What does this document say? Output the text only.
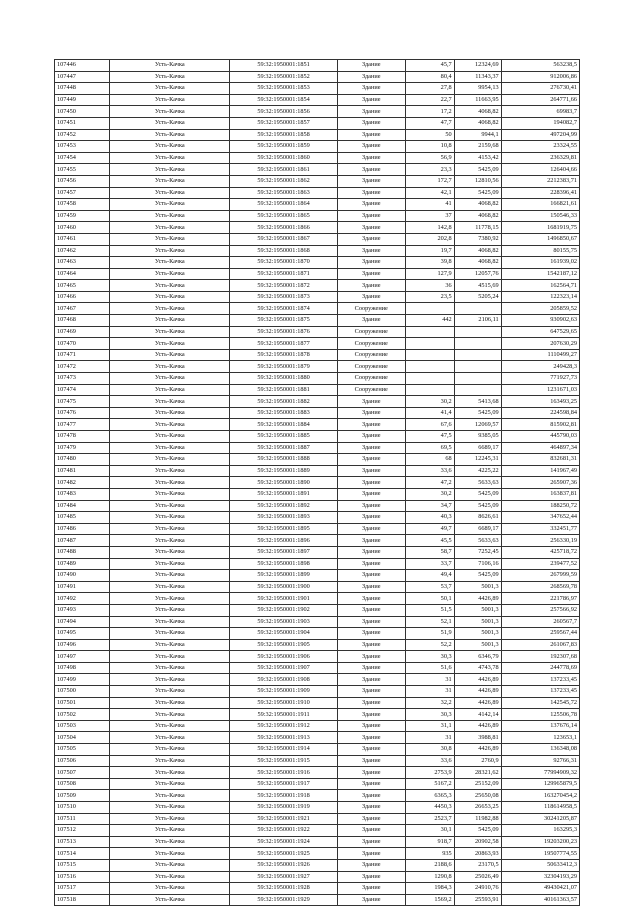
107446	Усть-Качка	59:32:1950001:1851	Здание	45,7	12324,69	563238,5
107447	Усть-Качка	59:32:1950001:1852	Здание	80,4	11343,37	912006,86
107448	Усть-Качка	59:32:1950001:1853	Здание	27,8	9954,13	276730,41
107449	Усть-Качка	59:32:1950001:1854	Здание	22,7	11663,95	264771,66
107450	Усть-Качка	59:32:1950001:1856	Здание	17,2	4068,82	69983,7
107451	Усть-Качка	59:32:1950001:1857	Здание	47,7	4068,82	194082,7
107452	Усть-Качка	59:32:1950001:1858	Здание	50	9944,1	497204,99
107453	Усть-Качка	59:32:1950001:1859	Здание	10,8	2159,68	23324,55
107454	Усть-Качка	59:32:1950001:1860	Здание	56,9	4153,42	236329,81
107455	Усть-Качка	59:32:1950001:1861	Здание	23,3	5425,09	126404,66
107456	Усть-Качка	59:32:1950001:1862	Здание	172,7	12810,56	2212383,71
107457	Усть-Качка	59:32:1950001:1863	Здание	42,1	5425,09	228396,41
107458	Усть-Качка	59:32:1950001:1864	Здание	41	4068,82	166821,61
107459	Усть-Качка	59:32:1950001:1865	Здание	37	4068,82	150546,33
107460	Усть-Качка	59:32:1950001:1866	Здание	142,8	11778,15	1681919,75
107461	Усть-Качка	59:32:1950001:1867	Здание	202,8	7380,92	1496850,67
107462	Усть-Качка	59:32:1950001:1868	Здание	19,7	4068,82	80155,75
107463	Усть-Качка	59:32:1950001:1870	Здание	39,8	4068,82	161939,02
107464	Усть-Качка	59:32:1950001:1871	Здание	127,9	12057,76	1542187,12
107465	Усть-Качка	59:32:1950001:1872	Здание	36	4515,69	162564,71
107466	Усть-Качка	59:32:1950001:1873	Здание	23,5	5205,24	122323,14
107467	Усть-Качка	59:32:1950001:1874	Сооружение			205859,52
107468	Усть-Качка	59:32:1950001:1875	Здание	442	2106,11	930902,63
107469	Усть-Качка	59:32:1950001:1876	Сооружение			647529,65
107470	Усть-Качка	59:32:1950001:1877	Сооружение			207630,29
107471	Усть-Качка	59:32:1950001:1878	Сооружение			1110499,27
107472	Усть-Качка	59:32:1950001:1879	Сооружение			249428,3
107473	Усть-Качка	59:32:1950001:1880	Сооружение			771927,73
107474	Усть-Качка	59:32:1950001:1881	Сооружение			1231671,03
107475	Усть-Качка	59:32:1950001:1882	Здание	30,2	5413,68	163493,25
107476	Усть-Качка	59:32:1950001:1883	Здание	41,4	5425,09	224598,84
107477	Усть-Качка	59:32:1950001:1884	Здание	67,6	12069,57	815902,81
107478	Усть-Качка	59:32:1950001:1885	Здание	47,5	9385,05	445790,03
107479	Усть-Качка	59:32:1950001:1887	Здание	69,5	6689,17	464897,34
107480	Усть-Качка	59:32:1950001:1888	Здание	68	12245,31	832681,31
107481	Усть-Качка	59:32:1950001:1889	Здание	33,6	4225,22	141967,49
107482	Усть-Качка	59:32:1950001:1890	Здание	47,2	5633,63	265907,36
107483	Усть-Качка	59:32:1950001:1891	Здание	30,2	5425,09	163837,81
107484	Усть-Качка	59:32:1950001:1892	Здание	34,7	5425,09	188250,72
107485	Усть-Качка	59:32:1950001:1893	Здание	40,3	8626,61	347652,44
107486	Усть-Качка	59:32:1950001:1895	Здание	49,7	6689,17	332451,77
107487	Усть-Качка	59:32:1950001:1896	Здание	45,5	5633,63	256330,19
107488	Усть-Качка	59:32:1950001:1897	Здание	58,7	7252,45	425718,72
107489	Усть-Качка	59:32:1950001:1898	Здание	33,7	7106,16	239477,52
107490	Усть-Качка	59:32:1950001:1899	Здание	49,4	5425,09	267999,59
107491	Усть-Качка	59:32:1950001:1900	Здание	53,7	5001,3	268569,78
107492	Усть-Качка	59:32:1950001:1901	Здание	50,1	4426,89	221786,97
107493	Усть-Качка	59:32:1950001:1902	Здание	51,5	5001,3	257566,92
107494	Усть-Качка	59:32:1950001:1903	Здание	52,1	5001,3	260567,7
107495	Усть-Качка	59:32:1950001:1904	Здание	51,9	5001,3	259567,44
107496	Усть-Качка	59:32:1950001:1905	Здание	52,2	5001,3	261067,83
107497	Усть-Качка	59:32:1950001:1906	Здание	30,3	6346,79	192307,68
107498	Усть-Качка	59:32:1950001:1907	Здание	51,6	4743,78	244778,69
107499	Усть-Качка	59:32:1950001:1908	Здание	31	4426,89	137233,45
107500	Усть-Качка	59:32:1950001:1909	Здание	31	4426,89	137233,45
107501	Усть-Качка	59:32:1950001:1910	Здание	32,2	4426,89	142545,72
107502	Усть-Качка	59:32:1950001:1911	Здание	30,3	4142,14	125506,78
107503	Усть-Качка	59:32:1950001:1912	Здание	31,1	4426,89	137676,14
107504	Усть-Качка	59:32:1950001:1913	Здание	31	3988,81	123653,1
107505	Усть-Качка	59:32:1950001:1914	Здание	30,8	4426,89	136348,08
107506	Усть-Качка	59:32:1950001:1915	Здание	33,6	2760,9	92766,31
107507	Усть-Качка	59:32:1950001:1916	Здание	2753,9	28321,62	77994909,32
107508	Усть-Качка	59:32:1950001:1917	Здание	5167,2	25152,09	129965879,5
107509	Усть-Качка	59:32:1950001:1918	Здание	6365,3	25650,08	163270454,2
107510	Усть-Качка	59:32:1950001:1919	Здание	4450,3	26653,25	118614958,5
107511	Усть-Качка	59:32:1950001:1921	Здание	2523,7	11982,88	30241205,87
107512	Усть-Качка	59:32:1950001:1922	Здание	30,1	5425,09	163295,3
107513	Усть-Качка	59:32:1950001:1924	Здание	918,7	20902,58	19203200,23
107514	Усть-Качка	59:32:1950001:1925	Здание	935	20863,93	19507774,55
107515	Усть-Качка	59:32:1950001:1926	Здание	2188,6	23170,5	50633412,3
107516	Усть-Качка	59:32:1950001:1927	Здание	1290,8	25026,49	32304193,29
107517	Усть-Качка	59:32:1950001:1928	Здание	1984,3	24910,76	49430421,07
107518	Усть-Качка	59:32:1950001:1929	Здание	1569,2	25593,91	40161363,57
